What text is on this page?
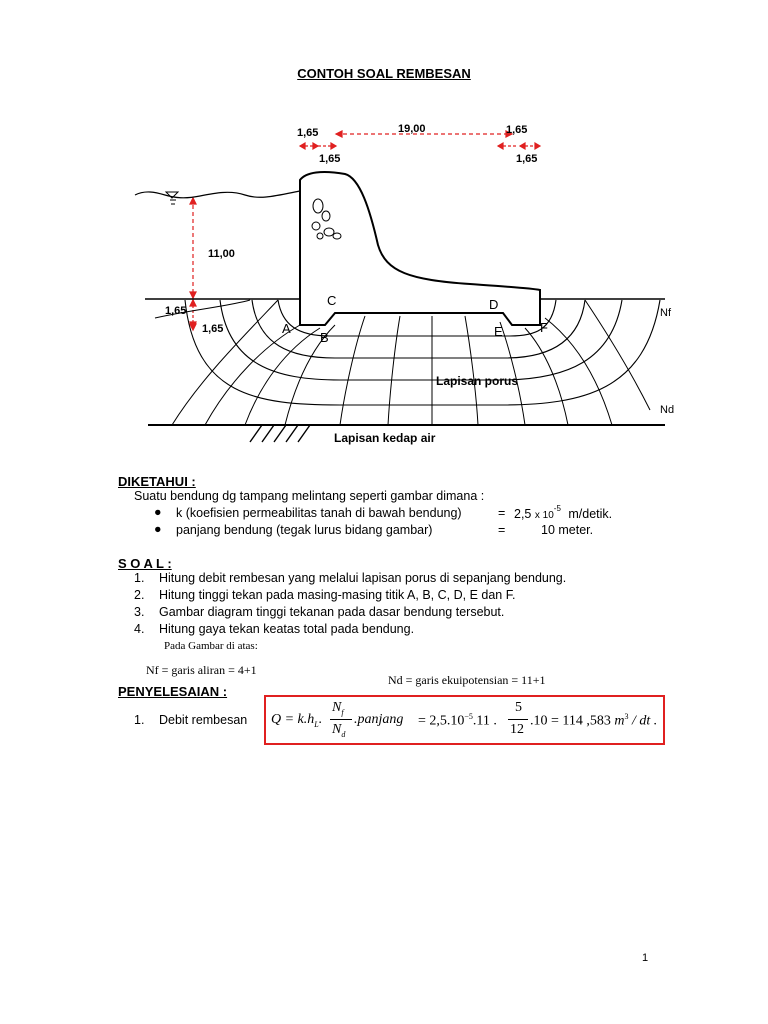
CONTOH SOAL REMBESAN
1,65	19,00	1,65
1,65	1,65
11,00
1,65
1,65	A
B
C	D
E	F
Nf
Nd
Lapisan porus
Lapisan kedap air
DIKETAHUI :
Suatu bendung dg tampang melintang seperti gambar dimana :
● k (koefisien permeabilitas tanah di bawah bendung)	= 2,5 x $10^{-5}$ m/detik.
● panjang bendung (tegak lurus bidang gambar)	=	10 meter.
S O A L :
1. Hitung debit rembesan yang melalui lapisan porus di sepanjang bendung.
2. Hitung tinggi tekan pada masing-masing titik A, B, C, D, E dan F.
3. Gambar diagram tinggi tekanan pada dasar bendung tersebut.
4. Hitung gaya tekan keatas total pada bendung.
Pada Gambar di atas:
Nf = garis aliran = 4+1
Nd = garis ekuipotensian = 11+1
PENYELESAIAN :
1. Debit rembesan $Q = k.h_L$.
$N_f$
$N_d$
.panjang = $2,5.10^{-5}.11$ .
5
12
.10 = 114 ,583 $m^3$ / dt .
1
